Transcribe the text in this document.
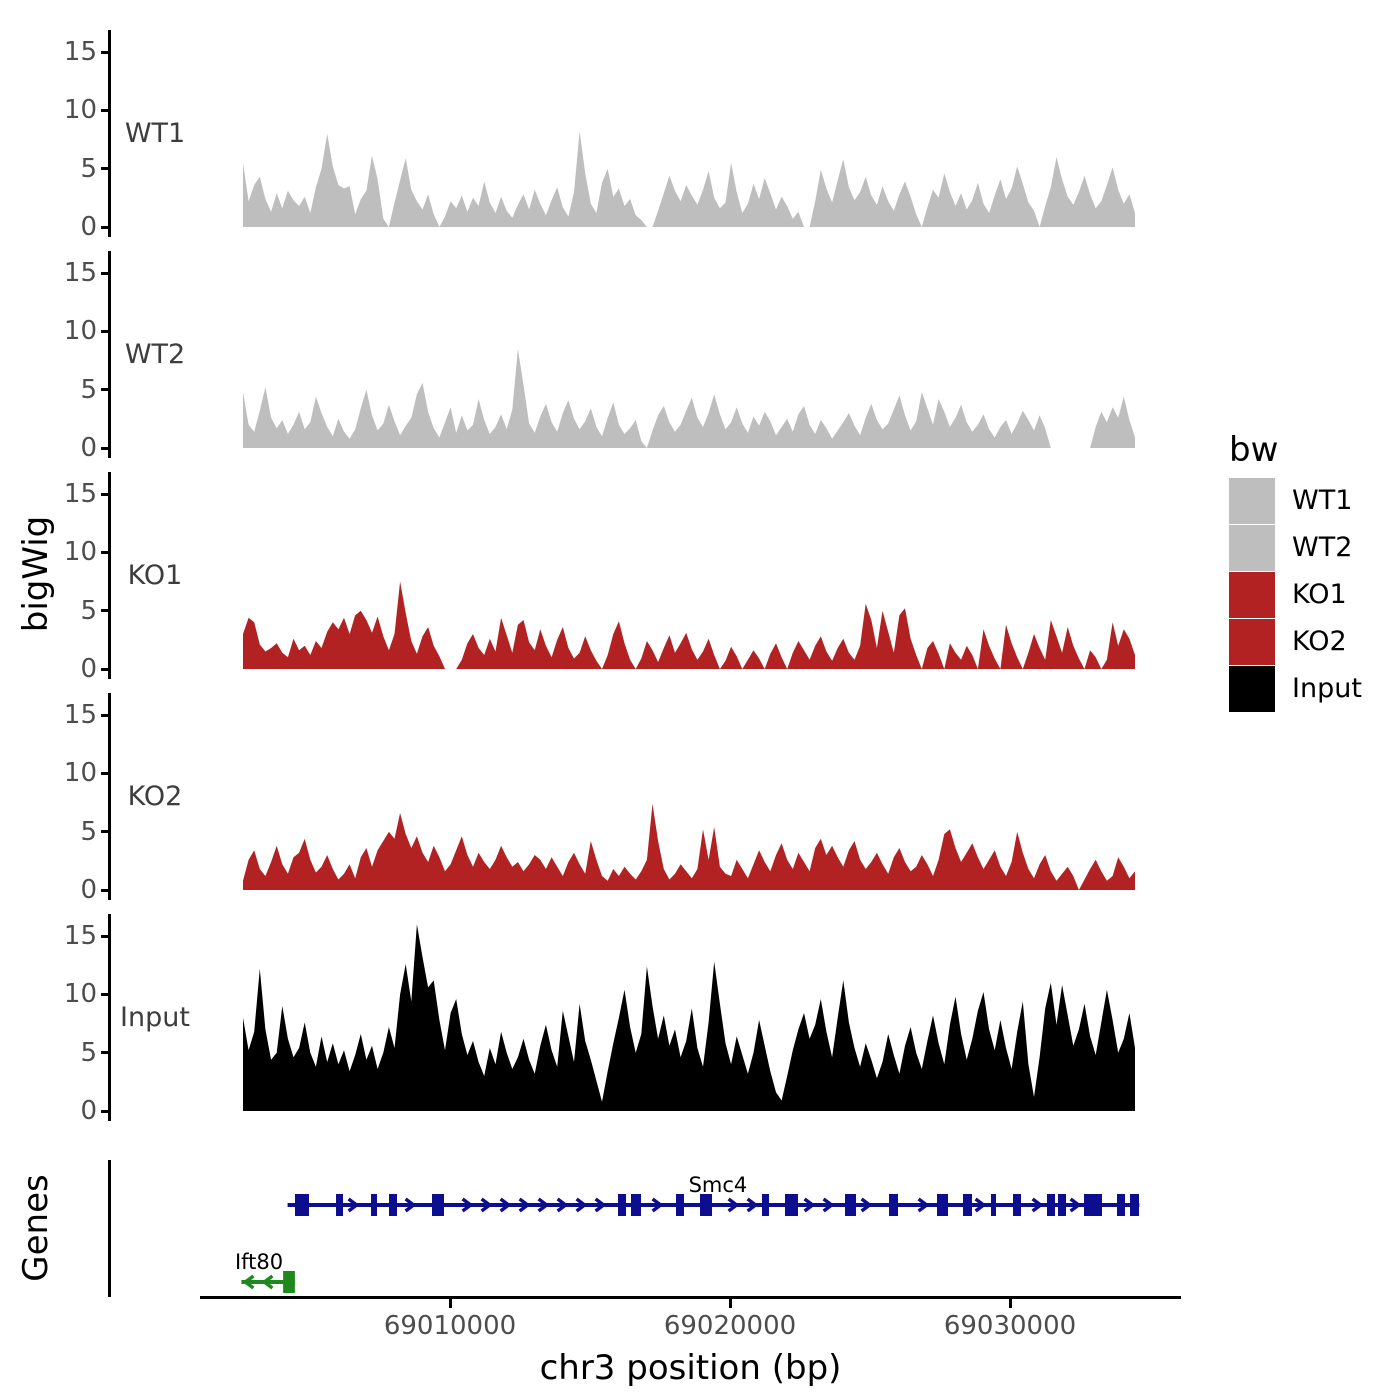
bigWig
Genes
15
10
5
0
WT1
15
10
5
0
WT2
15
10
5
0
KO1
15
10
5
0
KO2
15
10
5
0
Input
Smc4
Ift80
69010000	69020000	69030000
chr3 position (bp)
bw
WT1
WT2
KO1
KO2
Input
